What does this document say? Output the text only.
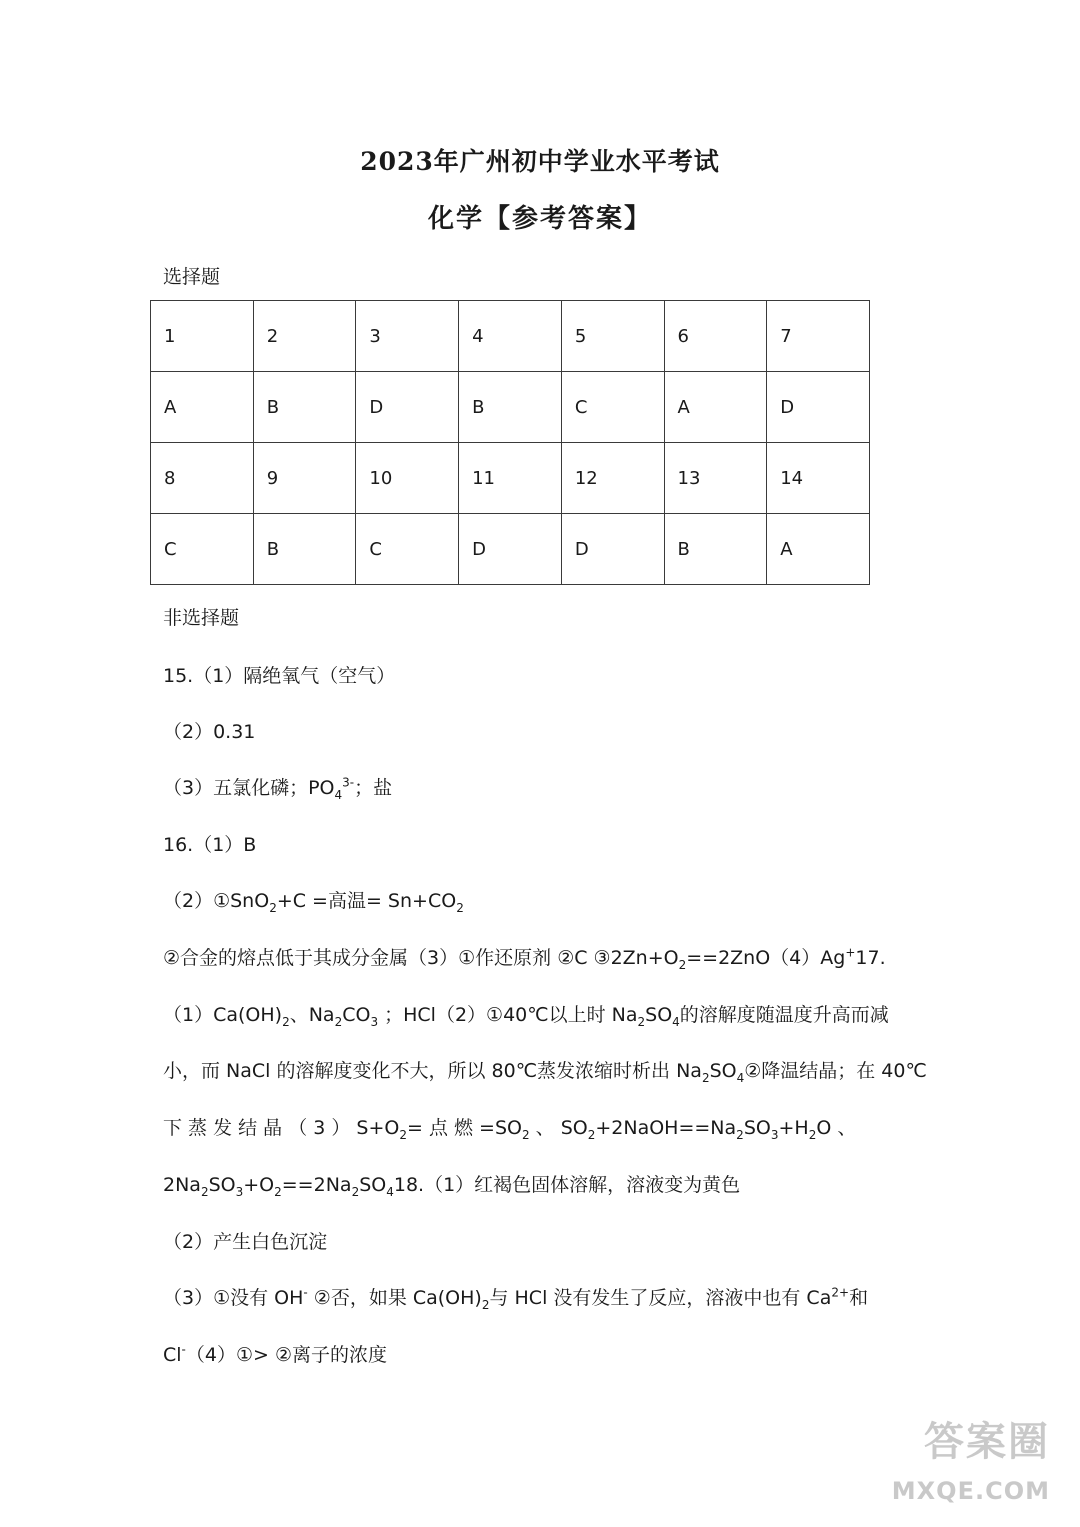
2023年广州初中学业水平考试
化学【参考答案】
选择题
1	2	3	4	5	6	7
A	B	D	B	C	A	D
8	9	10	11	12	13	14
C	B	C	D	D	B	A
非选择题
15.（1）隔绝氧气（空气）
（2）0.31
（3）五氯化磷；$PO_4^{3-}$；盐
16.（1）B
（2）①SnO$_2$+C =高温= $Sn+CO_2$
②合金的熔点低于其成分金属（3）①作还原剂 ②C $③2Zn+O_2==2ZnO(4)Ag^+17$.
$(1)Ca(OH)_2$、$Na_2CO_3$ ；HCl（2）①40℃以上时 $Na_2SO_4$的溶解度随温度升高而减
小，而 NaCl 的溶解度变化不大，所以 80℃蒸发浓缩时析出 $Na_2SO_4②$降温结晶；在 40℃
下 蒸 发 结 晶 （ 3 ） $S+O_2=$ 点 燃 $=SO_2$ 、 $SO_2+2NaOH==Na_2SO_3+H_2O$ 、
$2Na_2SO_3+O_2==2Na_2SO_418.(1)$红褐色固体溶解，溶液变为黄色
（2）产生白色沉淀
（3）①没有 OH- ②否，如果 $Ca(OH)_2$与 HCl 没有发生了反应，溶液中也有 $Ca^{2+}$和
Cl-（4）①> ②离子的浓度
答案圈
MXQE.COM
